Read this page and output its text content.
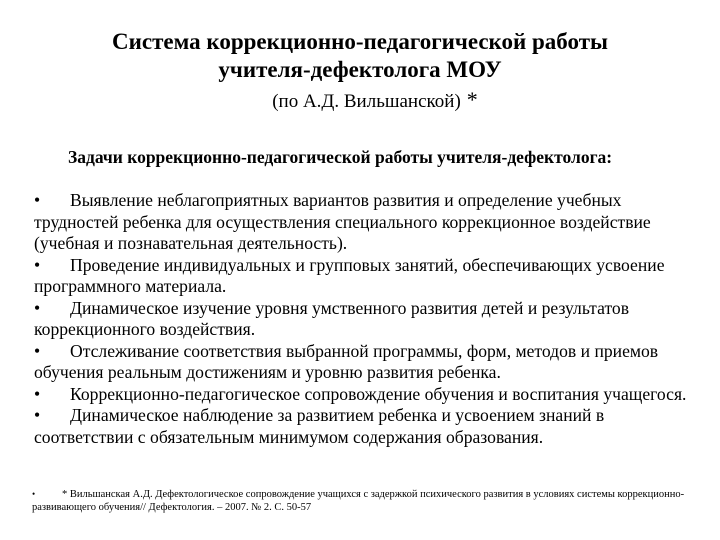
Система коррекционно-педагогической работы
учителя-дефектолога МОУ
(по А.Д. Вильшанской) *
Задачи коррекционно-педагогической работы учителя-дефектолога:
• Выявление неблагоприятных вариантов развития и определение учебных трудностей ребенка для осуществления специального коррекционное воздействие (учебная и познавательная деятельность).
• Проведение индивидуальных и групповых занятий, обеспечивающих усвоение программного материала.
• Динамическое изучение уровня умственного развития детей и результатов коррекционного воздействия.
• Отслеживание соответствия выбранной программы, форм, методов и приемов обучения реальным достижениям и уровню развития ребенка.
• Коррекционно-педагогическое сопровождение обучения и воспитания учащегося.
• Динамическое наблюдение за развитием ребенка и усвоением знаний в соответствии с обязательным минимумом содержания образования.
•	* Вильшанская А.Д. Дефектологическое сопровождение учащихся с задержкой психического развития в условиях системы коррекционно-развивающего обучения// Дефектология. – 2007. № 2. С. 50-57
